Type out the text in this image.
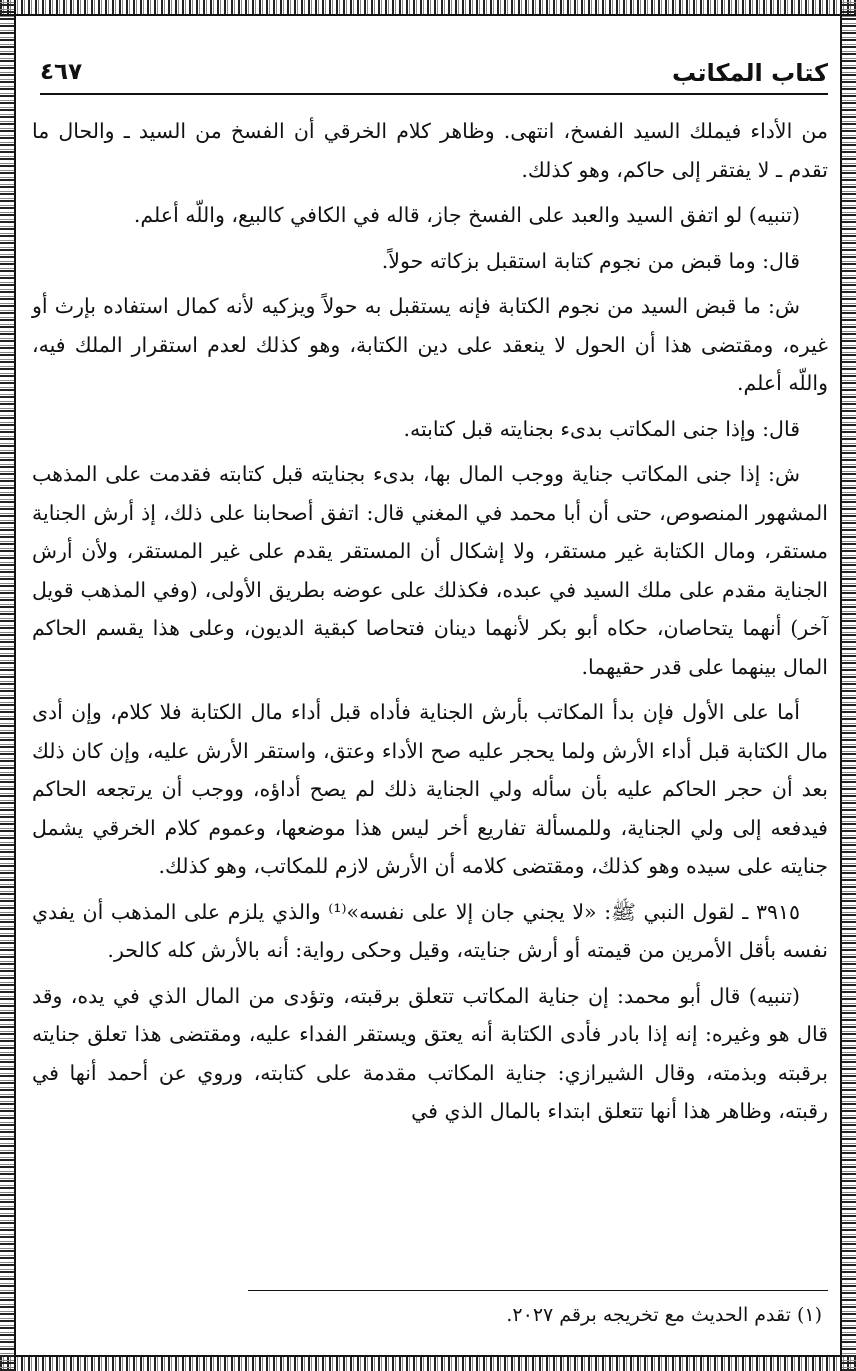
كتاب المكاتب
٤٦٧

من الأداء فيملك السيد الفسخ، انتهى. وظاهر كلام الخرقي أن الفسخ من السيد ـ والحال ما تقدم ـ لا يفتقر إلى حاكم، وهو كذلك.

(تنبيه) لو اتفق السيد والعبد على الفسخ جاز، قاله في الكافي كالبيع، واللّه أعلم.

قال: وما قبض من نجوم كتابة استقبل بزكاته حولاً.

ش: ما قبض السيد من نجوم الكتابة فإنه يستقبل به حولاً ويزكيه لأنه كمال استفاده بإرث أو غيره، ومقتضى هذا أن الحول لا ينعقد على دين الكتابة، وهو كذلك لعدم استقرار الملك فيه، واللّه أعلم.

قال: وإذا جنى المكاتب بدىء بجنايته قبل كتابته.

ش: إذا جنى المكاتب جناية ووجب المال بها، بدىء بجنايته قبل كتابته فقدمت على المذهب المشهور المنصوص، حتى أن أبا محمد في المغني قال: اتفق أصحابنا على ذلك، إذ أرش الجناية مستقر، ومال الكتابة غير مستقر، ولا إشكال أن المستقر يقدم على غير المستقر، ولأن أرش الجناية مقدم على ملك السيد في عبده، فكذلك على عوضه بطريق الأولى، (وفي المذهب قويل آخر) أنهما يتحاصان، حكاه أبو بكر لأنهما دينان فتحاصا كبقية الديون، وعلى هذا يقسم الحاكم المال بينهما على قدر حقيهما.

أما على الأول فإن بدأ المكاتب بأرش الجناية فأداه قبل أداء مال الكتابة فلا كلام، وإن أدى مال الكتابة قبل أداء الأرش ولما يحجر عليه صح الأداء وعتق، واستقر الأرش عليه، وإن كان ذلك بعد أن حجر الحاكم عليه بأن سأله ولي الجناية ذلك لم يصح أداؤه، ووجب أن يرتجعه الحاكم فيدفعه إلى ولي الجناية، وللمسألة تفاريع أخر ليس هذا موضعها، وعموم كلام الخرقي يشمل جنايته على سيده وهو كذلك، ومقتضى كلامه أن الأرش لازم للمكاتب، وهو كذلك.

٣٩١٥ ـ لقول النبي ﷺ: «لا يجني جان إلا على نفسه»⁽¹⁾ والذي يلزم على المذهب أن يفدي نفسه بأقل الأمرين من قيمته أو أرش جنايته، وقيل وحكى رواية: أنه بالأرش كله كالحر.

(تنبيه) قال أبو محمد: إن جناية المكاتب تتعلق برقبته، وتؤدى من المال الذي في يده، وقد قال هو وغيره: إنه إذا بادر فأدى الكتابة أنه يعتق ويستقر الفداء عليه، ومقتضى هذا تعلق جنايته برقبته وبذمته، وقال الشيرازي: جناية المكاتب مقدمة على كتابته، وروي عن أحمد أنها في رقبته، وظاهر هذا أنها تتعلق ابتداء بالمال الذي في

(١) تقدم الحديث مع تخريجه برقم ٢٠٢٧.
